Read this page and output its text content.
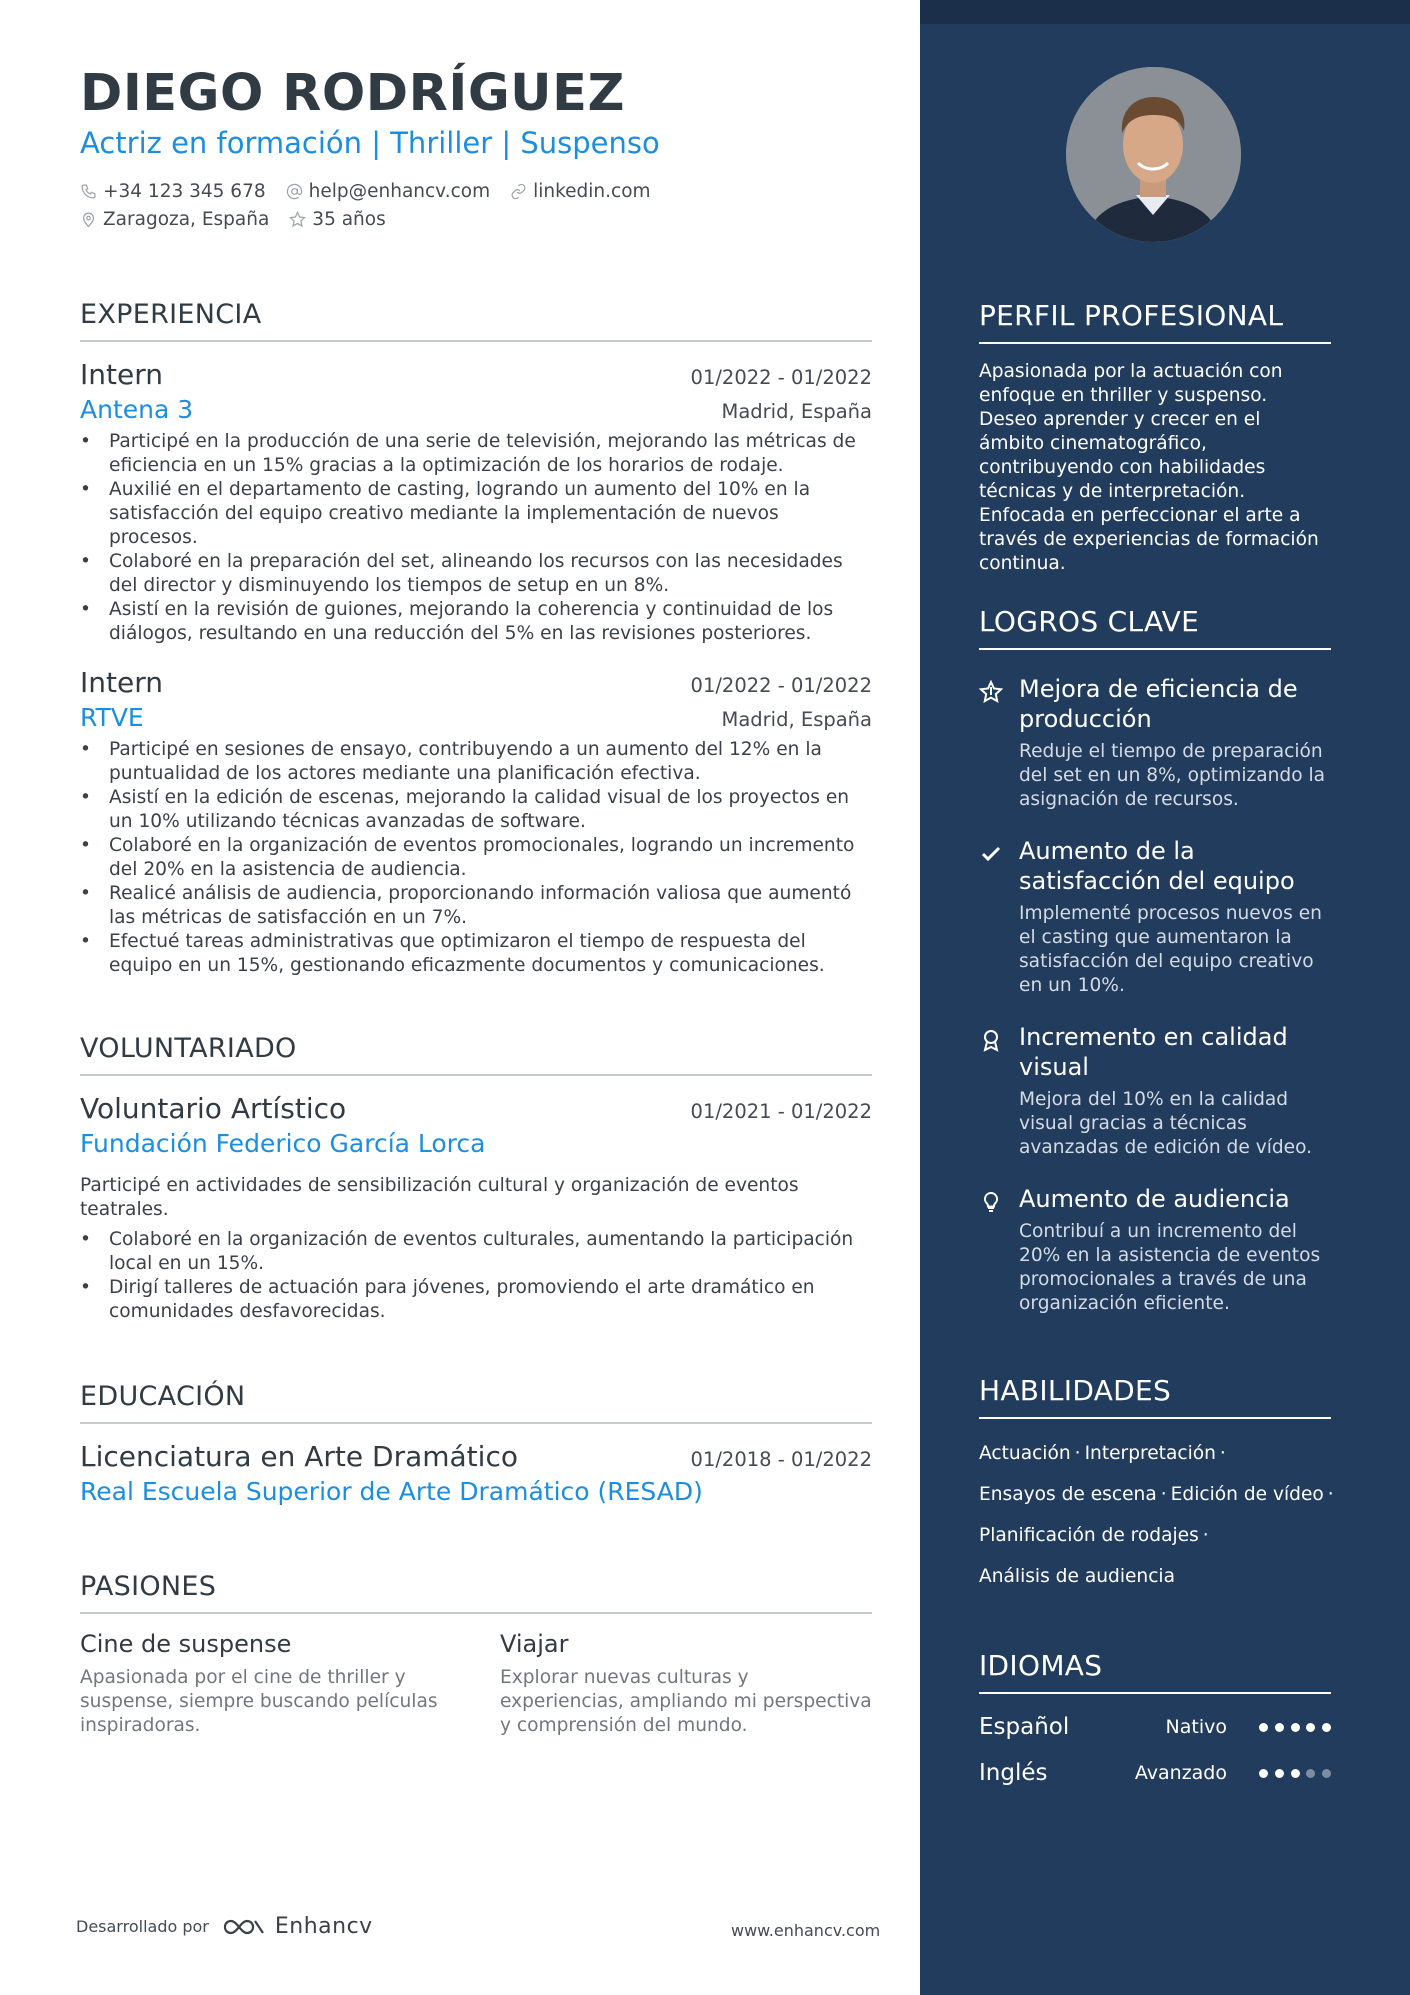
DIEGO RODRÍGUEZ
Actriz en formación | Thriller | Suspenso
+34 123 345 678 help@enhancv.com linkedin.com
Zaragoza, España 35 años
EXPERIENCIA
Intern	01/2022 - 01/2022
Antena 3	Madrid, España
• Participé en la producción de una serie de televisión, mejorando las métricas de eficiencia en un 15% gracias a la optimización de los horarios de rodaje.
• Auxilié en el departamento de casting, logrando un aumento del 10% en la satisfacción del equipo creativo mediante la implementación de nuevos procesos.
• Colaboré en la preparación del set, alineando los recursos con las necesidades del director y disminuyendo los tiempos de setup en un 8%.
• Asistí en la revisión de guiones, mejorando la coherencia y continuidad de los diálogos, resultando en una reducción del 5% en las revisiones posteriores.
Intern	01/2022 - 01/2022
RTVE	Madrid, España
• Participé en sesiones de ensayo, contribuyendo a un aumento del 12% en la puntualidad de los actores mediante una planificación efectiva.
• Asistí en la edición de escenas, mejorando la calidad visual de los proyectos en un 10% utilizando técnicas avanzadas de software.
• Colaboré en la organización de eventos promocionales, logrando un incremento del 20% en la asistencia de audiencia.
• Realicé análisis de audiencia, proporcionando información valiosa que aumentó las métricas de satisfacción en un 7%.
• Efectué tareas administrativas que optimizaron el tiempo de respuesta del equipo en un 15%, gestionando eficazmente documentos y comunicaciones.
VOLUNTARIADO
Voluntario Artístico	01/2021 - 01/2022
Fundación Federico García Lorca
Participé en actividades de sensibilización cultural y organización de eventos teatrales.
• Colaboré en la organización de eventos culturales, aumentando la participación local en un 15%.
• Dirigí talleres de actuación para jóvenes, promoviendo el arte dramático en comunidades desfavorecidas.
EDUCACIÓN
Licenciatura en Arte Dramático	01/2018 - 01/2022
Real Escuela Superior de Arte Dramático (RESAD)
PASIONES
Cine de suspense
Apasionada por el cine de thriller y suspense, siempre buscando películas inspiradoras.
Viajar
Explorar nuevas culturas y experiencias, ampliando mi perspectiva y comprensión del mundo.
Desarrollado por	Enhancv	www.enhancv.com
PERFIL PROFESIONAL
Apasionada por la actuación con enfoque en thriller y suspenso. Deseo aprender y crecer en el ámbito cinematográfico, contribuyendo con habilidades técnicas y de interpretación. Enfocada en perfeccionar el arte a través de experiencias de formación continua.
LOGROS CLAVE
Mejora de eficiencia de producción
Reduje el tiempo de preparación del set en un 8%, optimizando la asignación de recursos.
Aumento de la satisfacción del equipo
Implementé procesos nuevos en el casting que aumentaron la satisfacción del equipo creativo en un 10%.
Incremento en calidad visual
Mejora del 10% en la calidad visual gracias a técnicas avanzadas de edición de vídeo.
Aumento de audiencia
Contribuí a un incremento del 20% en la asistencia de eventos promocionales a través de una organización eficiente.
HABILIDADES
Actuación · Interpretación ·
Ensayos de escena · Edición de vídeo ·
Planificación de rodajes ·
Análisis de audiencia
IDIOMAS
Español	Nativo
Inglés	Avanzado
